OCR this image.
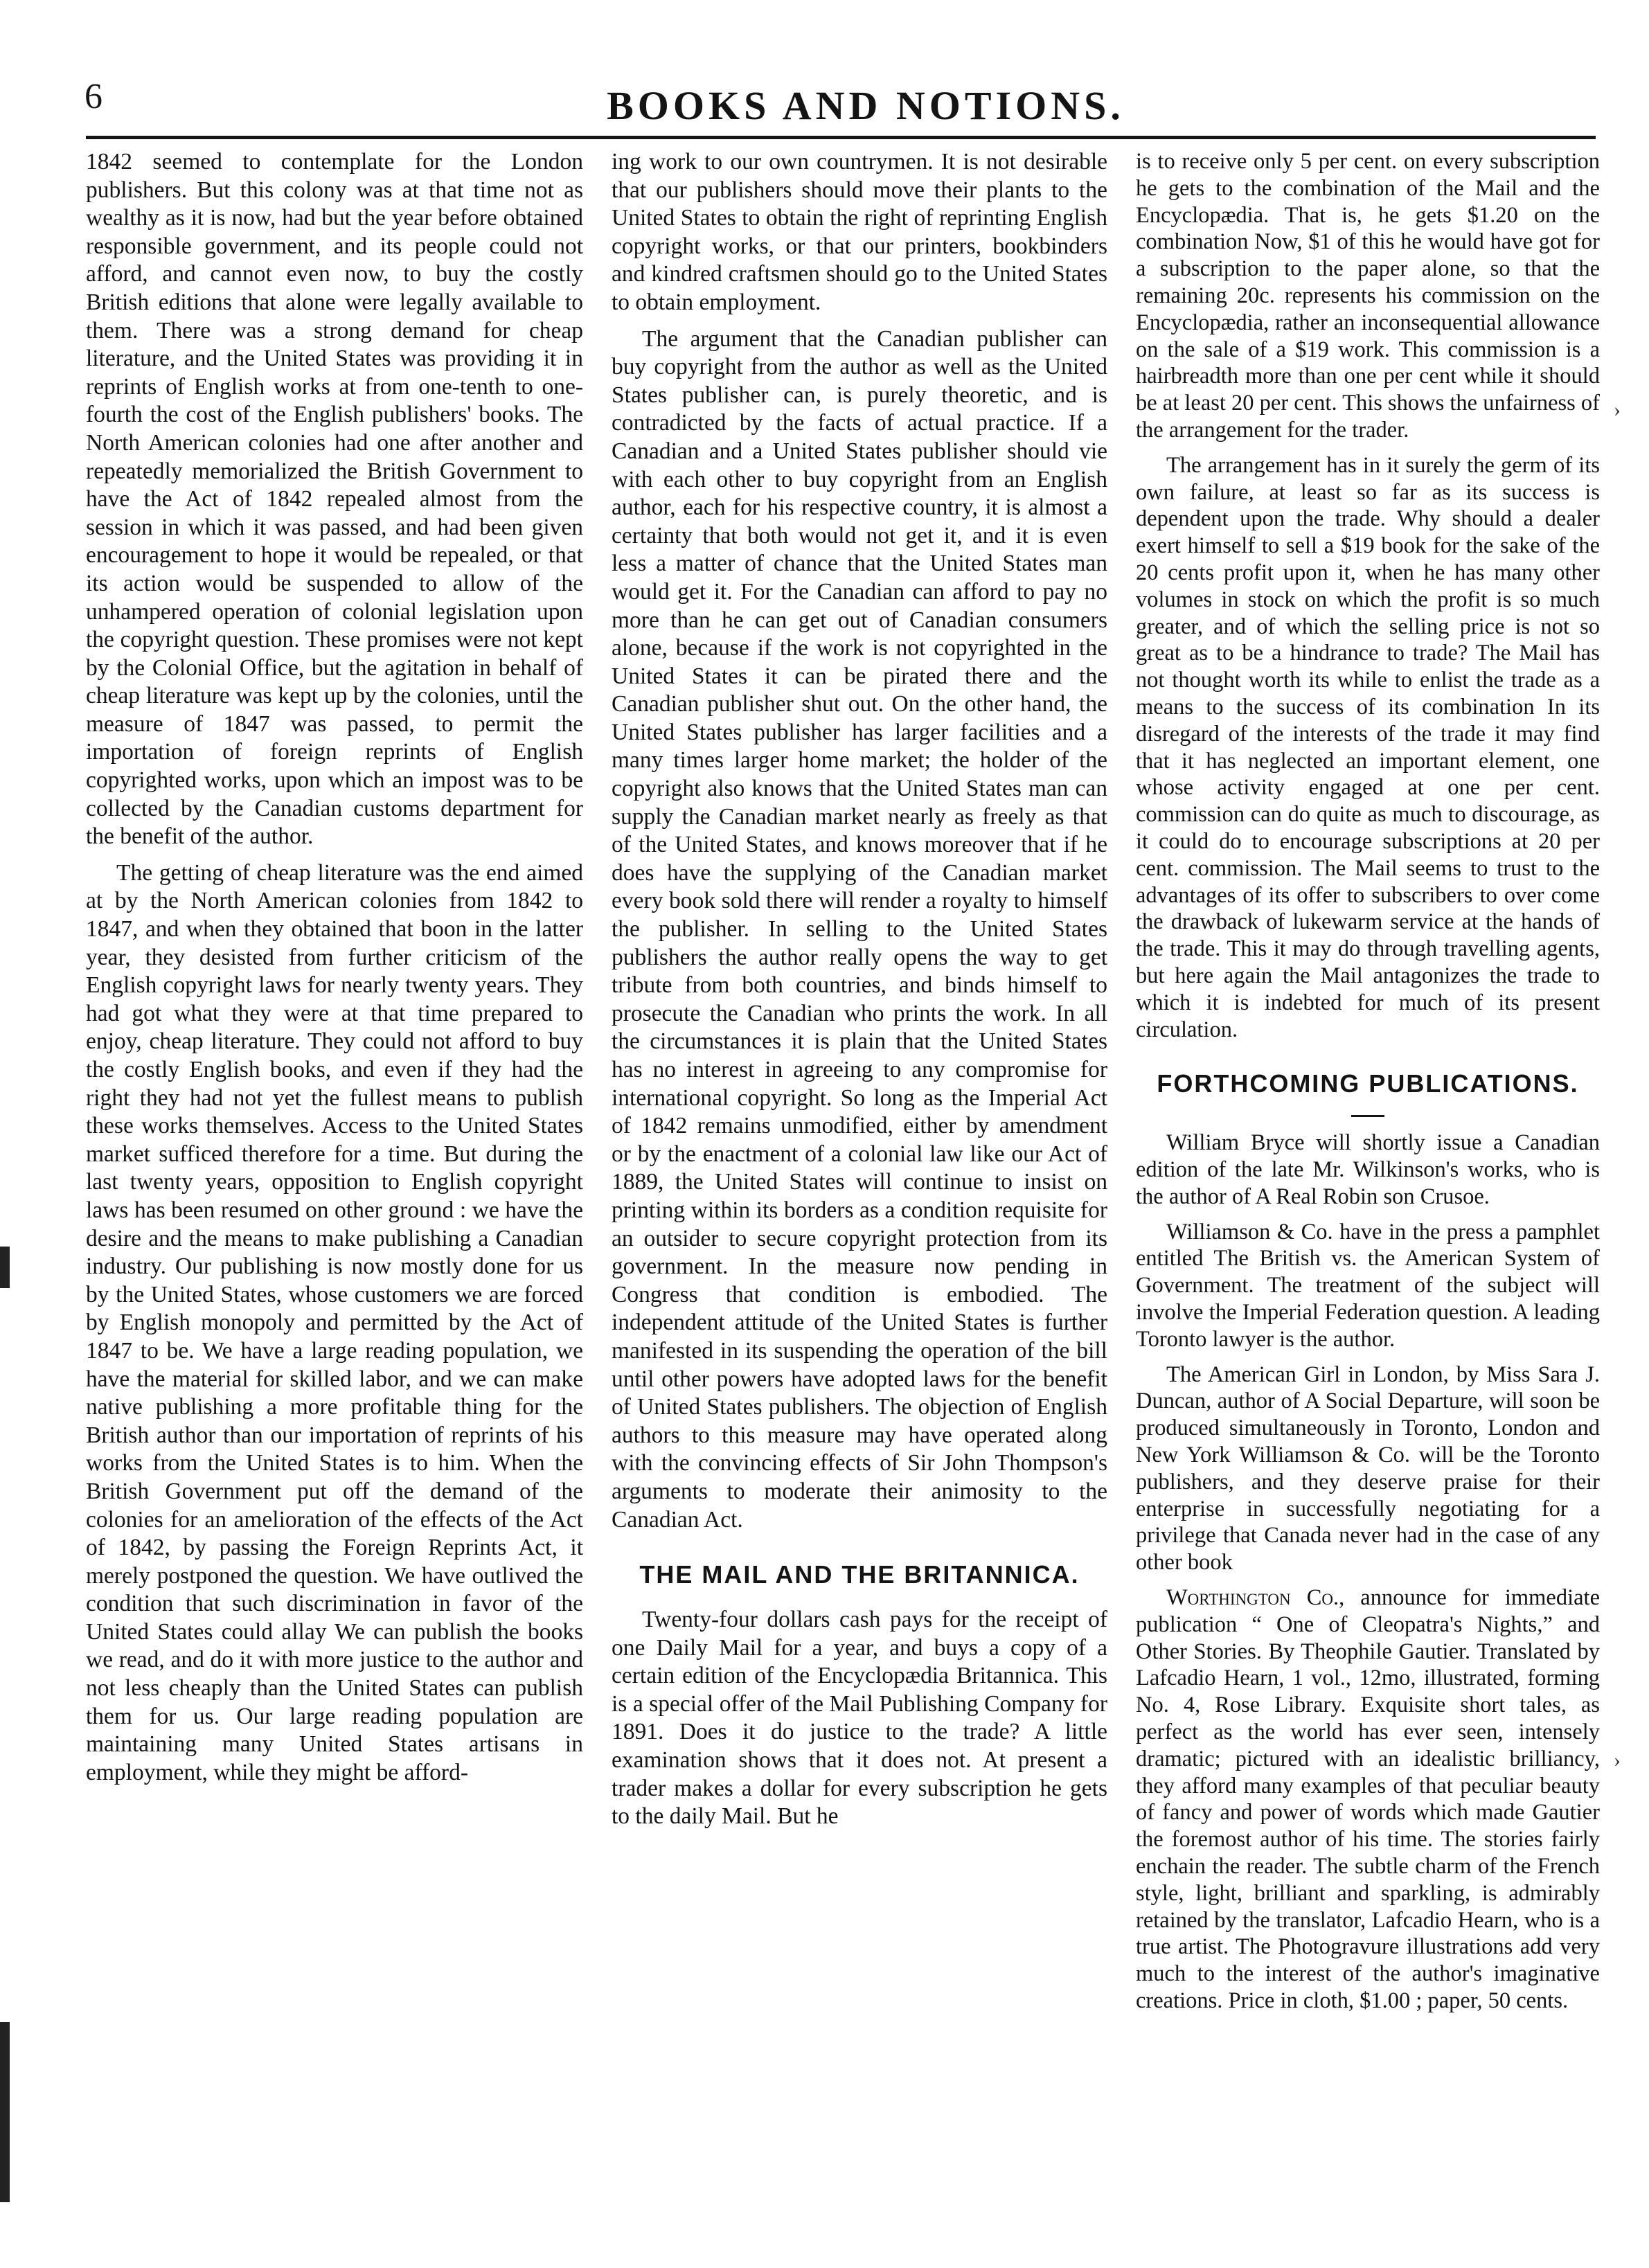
6	BOOKS AND NOTIONS.

1842 seemed to contemplate for the London publishers. But this colony was at that time not as wealthy as it is now, had but the year before obtained responsible government, and its people could not afford, and cannot even now, to buy the costly British editions that alone were legally available to them. There was a strong demand for cheap literature, and the United States was providing it in reprints of English works at from one-tenth to one-fourth the cost of the English publishers' books. The North American colonies had one after another and repeatedly memorialized the British Government to have the Act of 1842 repealed almost from the session in which it was passed, and had been given encouragement to hope it would be repealed, or that its action would be suspended to allow of the unhampered operation of colonial legislation upon the copyright question. These promises were not kept by the Colonial Office, but the agitation in behalf of cheap literature was kept up by the colonies, until the measure of 1847 was passed, to permit the importation of foreign reprints of English copyrighted works, upon which an impost was to be collected by the Canadian customs department for the benefit of the author.

The getting of cheap literature was the end aimed at by the North American colonies from 1842 to 1847, and when they obtained that boon in the latter year, they desisted from further criticism of the English copyright laws for nearly twenty years. They had got what they were at that time prepared to enjoy, cheap literature. They could not afford to buy the costly English books, and even if they had the right they had not yet the fullest means to publish these works themselves. Access to the United States market sufficed therefore for a time. But during the last twenty years, opposition to English copyright laws has been resumed on other ground : we have the desire and the means to make publishing a Canadian industry. Our publishing is now mostly done for us by the United States, whose customers we are forced by English monopoly and permitted by the Act of 1847 to be. We have a large reading population, we have the material for skilled labor, and we can make native publishing a more profitable thing for the British author than our importation of reprints of his works from the United States is to him. When the British Government put off the demand of the colonies for an amelioration of the effects of the Act of 1842, by passing the Foreign Reprints Act, it merely postponed the question. We have outlived the condition that such discrimination in favor of the United States could allay We can publish the books we read, and do it with more justice to the author and not less cheaply than the United States can publish them for us. Our large reading population are maintaining many United States artisans in employment, while they might be afford-

ing work to our own countrymen. It is not desirable that our publishers should move their plants to the United States to obtain the right of reprinting English copyright works, or that our printers, bookbinders and kindred craftsmen should go to the United States to obtain employment.

The argument that the Canadian publisher can buy copyright from the author as well as the United States publisher can, is purely theoretic, and is contradicted by the facts of actual practice. If a Canadian and a United States publisher should vie with each other to buy copyright from an English author, each for his respective country, it is almost a certainty that both would not get it, and it is even less a matter of chance that the United States man would get it. For the Canadian can afford to pay no more than he can get out of Canadian consumers alone, because if the work is not copyrighted in the United States it can be pirated there and the Canadian publisher shut out. On the other hand, the United States publisher has larger facilities and a many times larger home market; the holder of the copyright also knows that the United States man can supply the Canadian market nearly as freely as that of the United States, and knows moreover that if he does have the supplying of the Canadian market every book sold there will render a royalty to himself the publisher. In selling to the United States publishers the author really opens the way to get tribute from both countries, and binds himself to prosecute the Canadian who prints the work. In all the circumstances it is plain that the United States has no interest in agreeing to any compromise for international copyright. So long as the Imperial Act of 1842 remains unmodified, either by amendment or by the enactment of a colonial law like our Act of 1889, the United States will continue to insist on printing within its borders as a condition requisite for an outsider to secure copyright protection from its government. In the measure now pending in Congress that condition is embodied. The independent attitude of the United States is further manifested in its suspending the operation of the bill until other powers have adopted laws for the benefit of United States publishers. The objection of English authors to this measure may have operated along with the convincing effects of Sir John Thompson's arguments to moderate their animosity to the Canadian Act.

THE MAIL AND THE BRITANNICA.

Twenty-four dollars cash pays for the receipt of one Daily Mail for a year, and buys a copy of a certain edition of the Encyclopædia Britannica. This is a special offer of the Mail Publishing Company for 1891. Does it do justice to the trade? A little examination shows that it does not. At present a trader makes a dollar for every subscription he gets to the daily Mail. But he

is to receive only 5 per cent. on every subscription he gets to the combination of the Mail and the Encyclopædia. That is, he gets $1.20 on the combination Now, $1 of this he would have got for a subscription to the paper alone, so that the remaining 20c. represents his commission on the Encyclopædia, rather an inconsequential allowance on the sale of a $19 work. This commission is a hairbreadth more than one per cent while it should be at least 20 per cent. This shows the unfairness of the arrangement for the trader.

The arrangement has in it surely the germ of its own failure, at least so far as its success is dependent upon the trade. Why should a dealer exert himself to sell a $19 book for the sake of the 20 cents profit upon it, when he has many other volumes in stock on which the profit is so much greater, and of which the selling price is not so great as to be a hindrance to trade? The Mail has not thought worth its while to enlist the trade as a means to the success of its combination In its disregard of the interests of the trade it may find that it has neglected an important element, one whose activity engaged at one per cent. commission can do quite as much to discourage, as it could do to encourage subscriptions at 20 per cent. commission. The Mail seems to trust to the advantages of its offer to subscribers to over come the drawback of lukewarm service at the hands of the trade. This it may do through travelling agents, but here again the Mail antagonizes the trade to which it is indebted for much of its present circulation.

FORTHCOMING PUBLICATIONS.

William Bryce will shortly issue a Canadian edition of the late Mr. Wilkinson's works, who is the author of A Real Robin son Crusoe.

Williamson & Co. have in the press a pamphlet entitled The British vs. the American System of Government. The treatment of the subject will involve the Imperial Federation question. A leading Toronto lawyer is the author.

The American Girl in London, by Miss Sara J. Duncan, author of A Social Departure, will soon be produced simultaneously in Toronto, London and New York Williamson & Co. will be the Toronto publishers, and they deserve praise for their enterprise in successfully negotiating for a privilege that Canada never had in the case of any other book

Worthington Co., announce for immediate publication “ One of Cleopatra's Nights,” and Other Stories. By Theophile Gautier. Translated by Lafcadio Hearn, 1 vol., 12mo, illustrated, forming No. 4, Rose Library. Exquisite short tales, as perfect as the world has ever seen, intensely dramatic; pictured with an idealistic brilliancy, they afford many examples of that peculiar beauty of fancy and power of words which made Gautier the foremost author of his time. The stories fairly enchain the reader. The subtle charm of the French style, light, brilliant and sparkling, is admirably retained by the translator, Lafcadio Hearn, who is a true artist. The Photogravure illustrations add very much to the interest of the author's imaginative creations. Price in cloth, $1.00 ; paper, 50 cents.

›
›
